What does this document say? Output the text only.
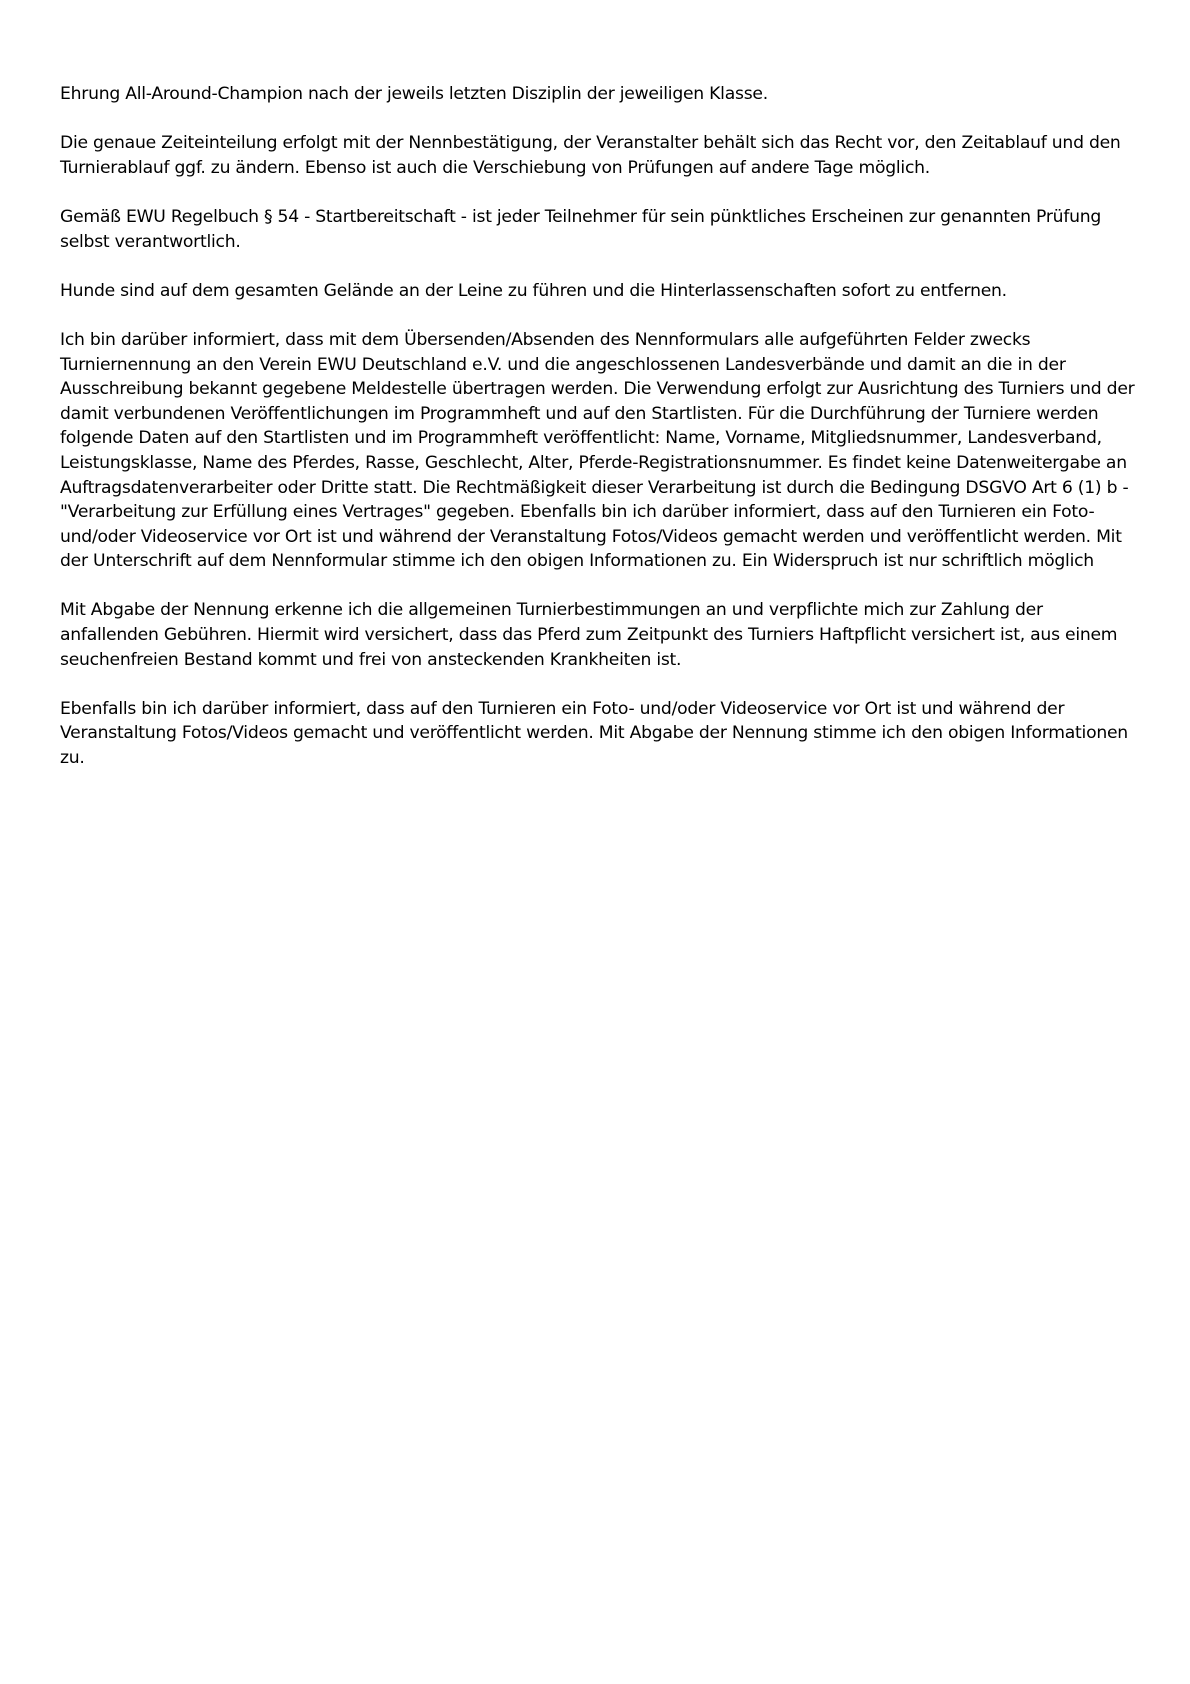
Ehrung All-Around-Champion nach der jeweils letzten Disziplin der jeweiligen Klasse.

Die genaue Zeiteinteilung erfolgt mit der Nennbestätigung, der Veranstalter behält sich das Recht vor, den Zeitablauf und den Turnierablauf ggf. zu ändern. Ebenso ist auch die Verschiebung von Prüfungen auf andere Tage möglich.

Gemäß EWU Regelbuch § 54 - Startbereitschaft - ist jeder Teilnehmer für sein pünktliches Erscheinen zur genannten Prüfung selbst verantwortlich.

Hunde sind auf dem gesamten Gelände an der Leine zu führen und die Hinterlassenschaften sofort zu entfernen.

Ich bin darüber informiert, dass mit dem Übersenden/Absenden des Nennformulars alle aufgeführten Felder zwecks Turniernennung an den Verein EWU Deutschland e.V. und die angeschlossenen Landesverbände und damit an die in der Ausschreibung bekannt gegebene Meldestelle übertragen werden. Die Verwendung erfolgt zur Ausrichtung des Turniers und der damit verbundenen Veröffentlichungen im Programmheft und auf den Startlisten. Für die Durchführung der Turniere werden folgende Daten auf den Startlisten und im Programmheft veröffentlicht: Name, Vorname, Mitgliedsnummer, Landesverband, Leistungsklasse, Name des Pferdes, Rasse, Geschlecht, Alter, Pferde-Registrationsnummer. Es findet keine Datenweitergabe an Auftragsdatenverarbeiter oder Dritte statt. Die Rechtmäßigkeit dieser Verarbeitung ist durch die Bedingung DSGVO Art 6 (1) b - "Verarbeitung zur Erfüllung eines Vertrages" gegeben. Ebenfalls bin ich darüber informiert, dass auf den Turnieren ein Foto- und/oder Videoservice vor Ort ist und während der Veranstaltung Fotos/Videos gemacht werden und veröffentlicht werden. Mit der Unterschrift auf dem Nennformular stimme ich den obigen Informationen zu. Ein Widerspruch ist nur schriftlich möglich

Mit Abgabe der Nennung erkenne ich die allgemeinen Turnierbestimmungen an und verpflichte mich zur Zahlung der anfallenden Gebühren. Hiermit wird versichert, dass das Pferd zum Zeitpunkt des Turniers Haftpflicht versichert ist, aus einem seuchenfreien Bestand kommt und frei von ansteckenden Krankheiten ist.

Ebenfalls bin ich darüber informiert, dass auf den Turnieren ein Foto- und/oder Videoservice vor Ort ist und während der Veranstaltung Fotos/Videos gemacht und veröffentlicht werden. Mit Abgabe der Nennung stimme ich den obigen Informationen zu.
